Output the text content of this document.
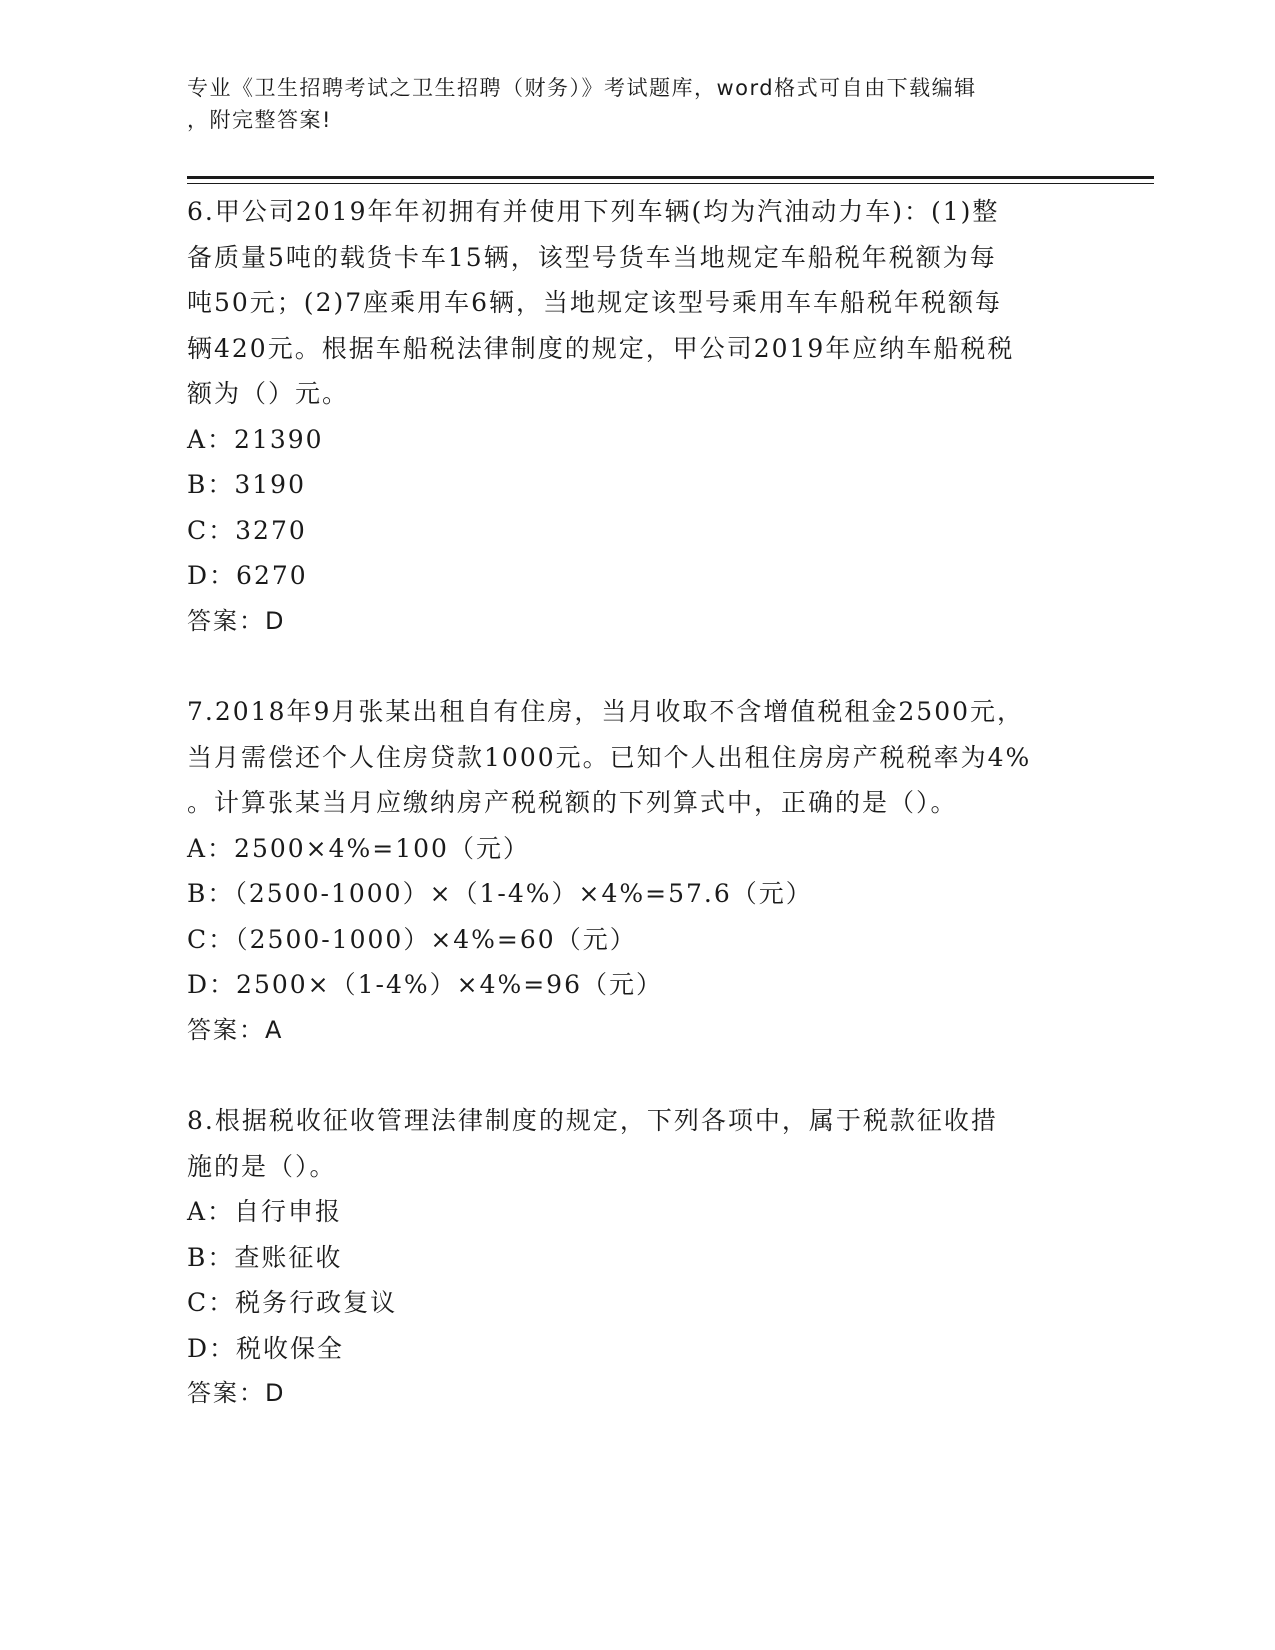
专业《卫生招聘考试之卫生招聘（财务）》考试题库，word格式可自由下载编辑
，附完整答案!

6.甲公司2019年年初拥有并使用下列车辆(均为汽油动力车)：(1)整

备质量5吨的载货卡车15辆，该型号货车当地规定车船税年税额为每

吨50元；(2)7座乘用车6辆，当地规定该型号乘用车车船税年税额每

辆420元。根据车船税法律制度的规定，甲公司2019年应纳车船税税

额为（）元。

A：21390

B：3190

C：3270

D：6270

答案：D

7.2018年9月张某出租自有住房，当月收取不含增值税租金2500元，

当月需偿还个人住房贷款1000元。已知个人出租住房房产税税率为4%

。计算张某当月应缴纳房产税税额的下列算式中，正确的是（）。

A：2500×4%=100（元）

B：（2500-1000）×（1-4%）×4%=57.6（元）

C：（2500-1000）×4%=60（元）

D：2500×（1-4%）×4%=96（元）

答案：A

8.根据税收征收管理法律制度的规定，下列各项中，属于税款征收措

施的是（）。

A：自行申报

B：查账征收

C：税务行政复议

D：税收保全

答案：D
